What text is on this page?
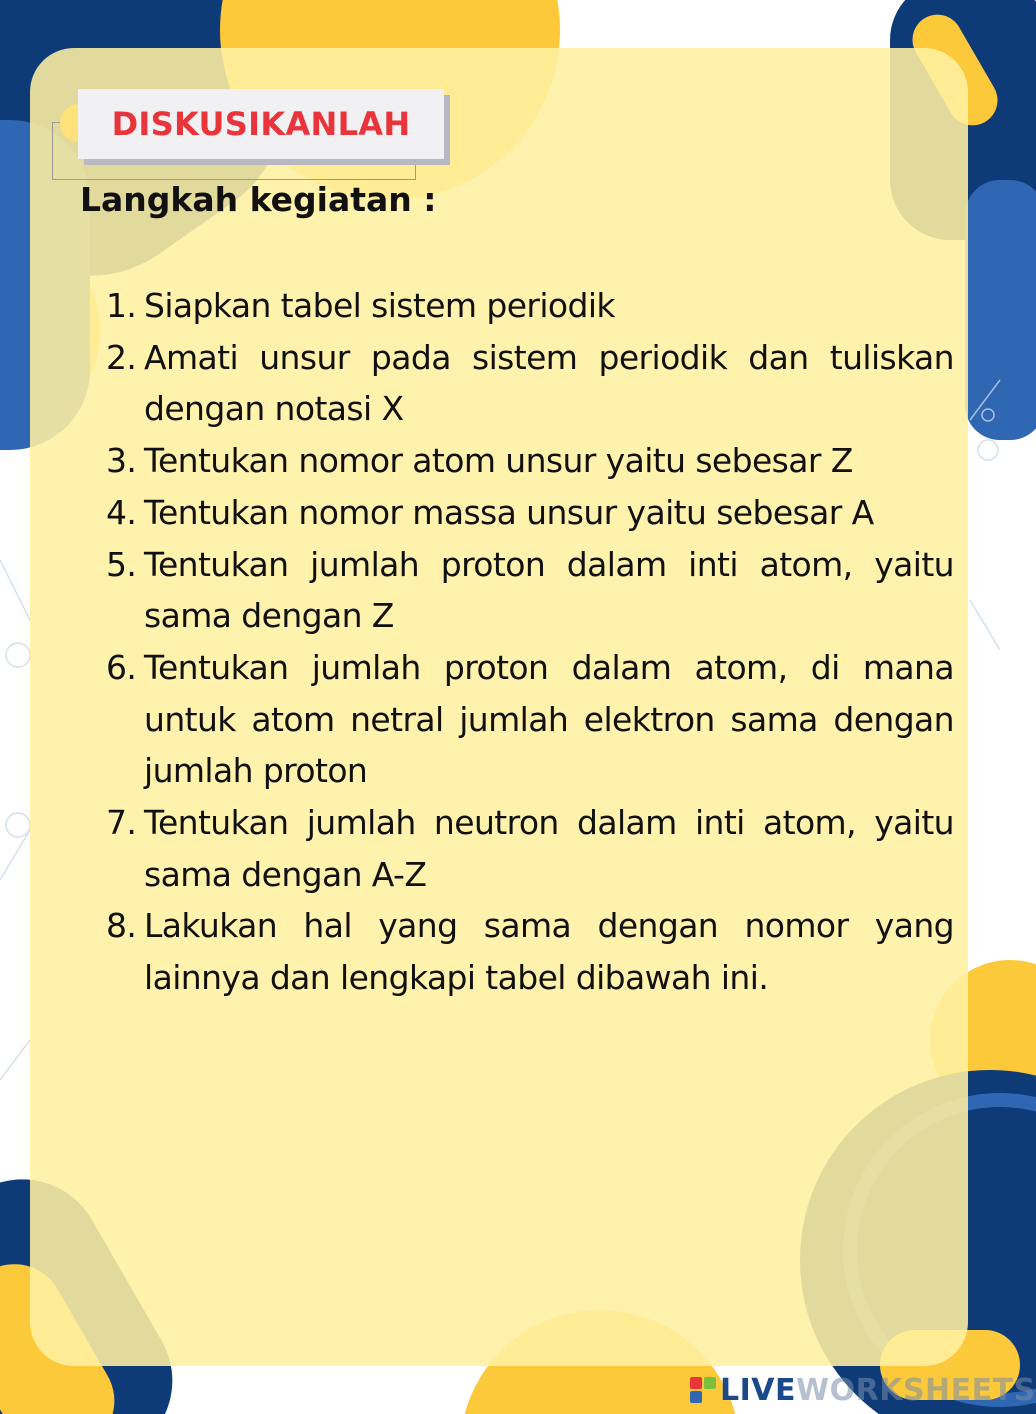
DISKUSIKANLAH
Langkah kegiatan :
1. Siapkan tabel sistem periodik
2. Amati unsur pada sistem periodik dan tuliskan dengan notasi X
3. Tentukan nomor atom unsur yaitu sebesar Z
4. Tentukan nomor massa unsur yaitu sebesar A
5. Tentukan jumlah proton dalam inti atom, yaitu sama dengan Z
6. Tentukan jumlah proton dalam atom, di mana untuk atom netral jumlah elektron sama dengan jumlah proton
7. Tentukan jumlah neutron dalam inti atom, yaitu sama dengan A-Z
8. Lakukan hal yang sama dengan nomor yang lainnya dan lengkapi tabel dibawah ini.
LIVE WORKSHEETS
